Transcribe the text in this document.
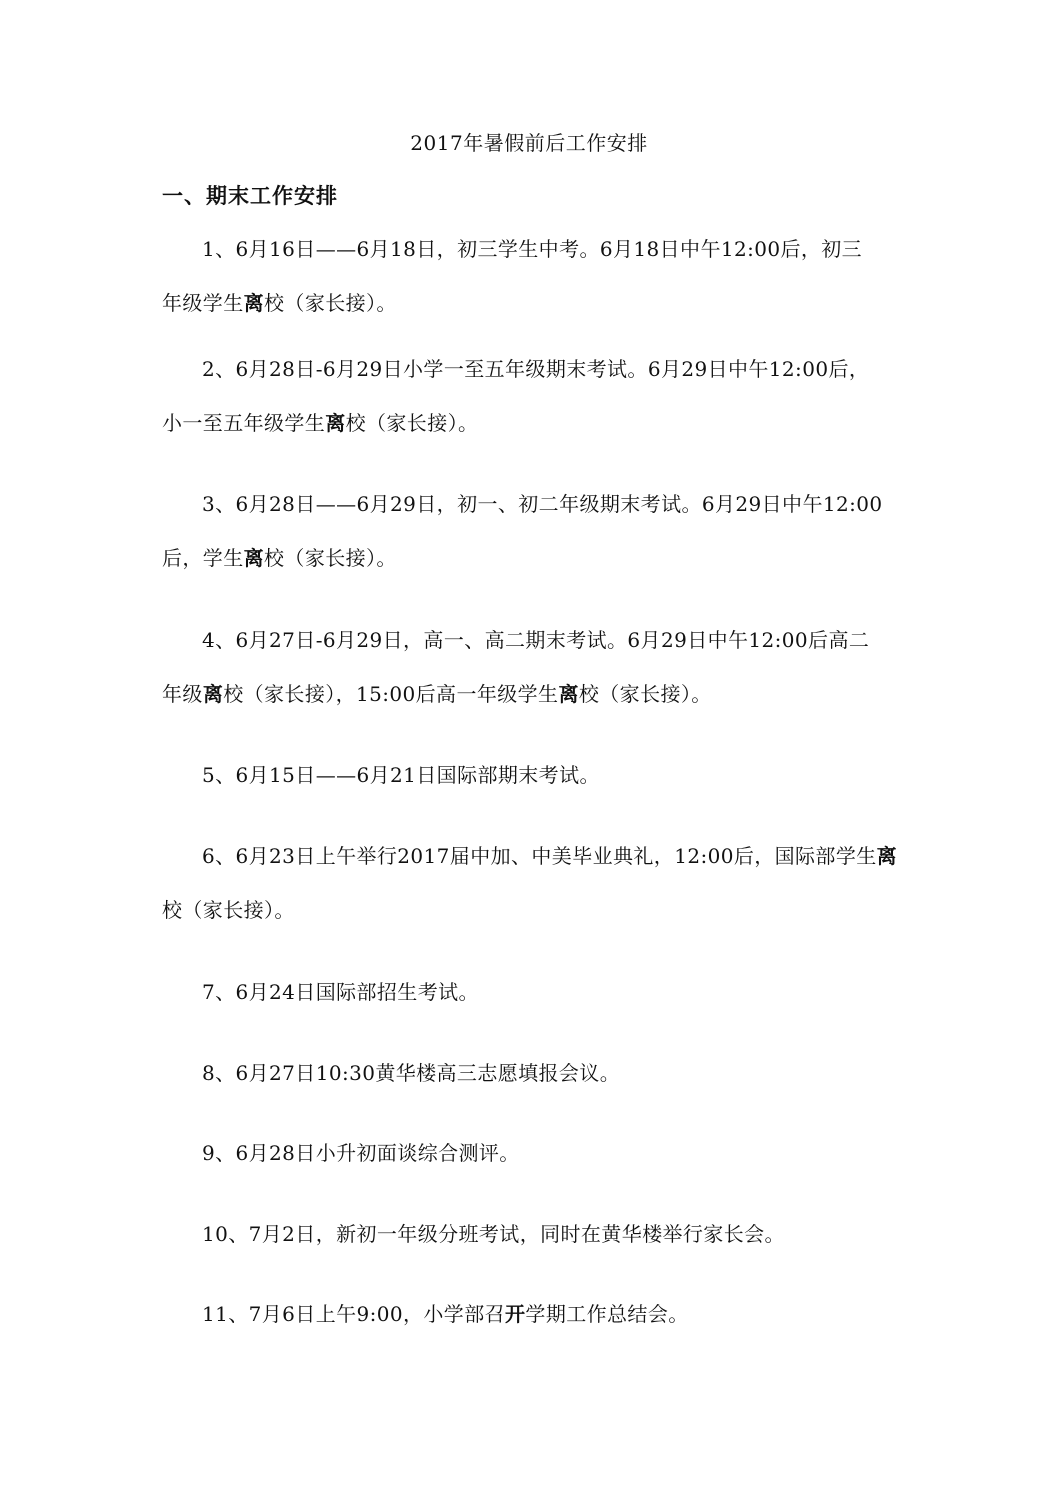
2017年暑假前后工作安排
一、期末工作安排
1、6月16日——6月18日，初三学生中考。6月18日中午12:00后，初三
年级学生离校（家长接）。
2、6月28日-6月29日小学一至五年级期末考试。6月29日中午12:00后，
小一至五年级学生离校（家长接）。
3、6月28日——6月29日，初一、初二年级期末考试。6月29日中午12:00
后，学生离校（家长接）。
4、6月27日-6月29日，高一、高二期末考试。6月29日中午12:00后高二
年级离校（家长接），15:00后高一年级学生离校（家长接）。
5、6月15日——6月21日国际部期末考试。
6、6月23日上午举行2017届中加、中美毕业典礼，12:00后，国际部学生离
校（家长接）。
7、6月24日国际部招生考试。
8、6月27日10:30黄华楼高三志愿填报会议。
9、6月28日小升初面谈综合测评。
10、7月2日，新初一年级分班考试，同时在黄华楼举行家长会。
11、7月6日上午9:00，小学部召开学期工作总结会。
